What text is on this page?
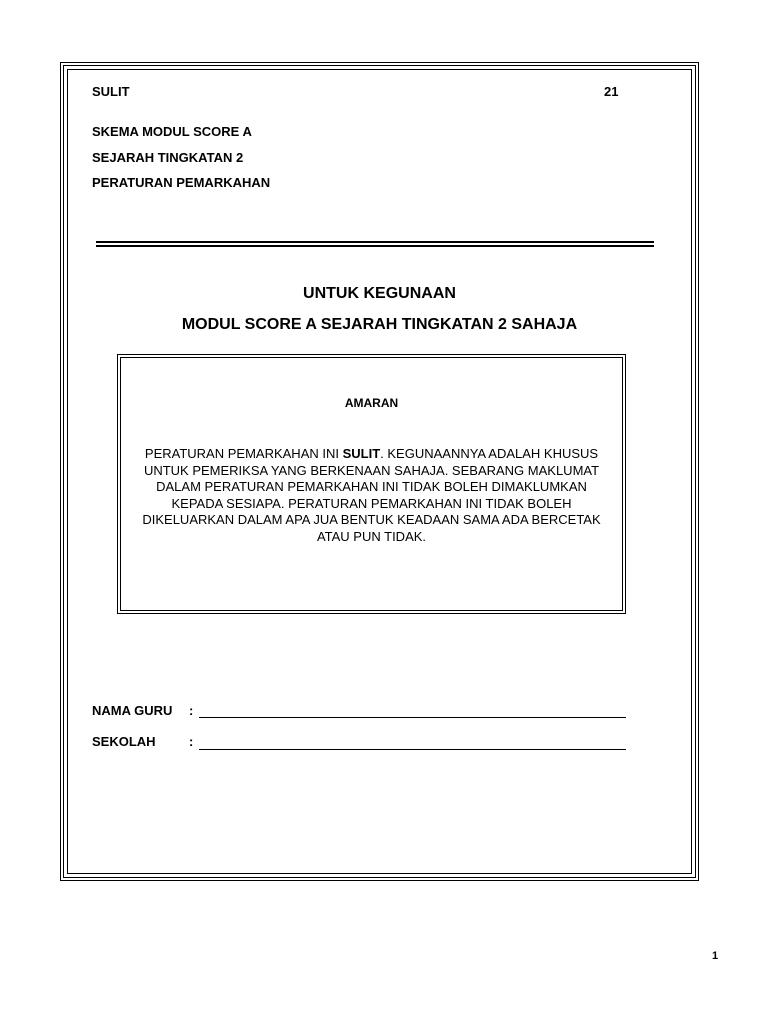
SULIT	21
SKEMA MODUL SCORE A
SEJARAH TINGKATAN 2
PERATURAN PEMARKAHAN
UNTUK KEGUNAAN
MODUL SCORE A SEJARAH TINGKATAN 2 SAHAJA
AMARAN
PERATURAN PEMARKAHAN INI SULIT. KEGUNAANNYA ADALAH KHUSUS UNTUK PEMERIKSA YANG BERKENAAN SAHAJA. SEBARANG MAKLUMAT DALAM PERATURAN PEMARKAHAN INI TIDAK BOLEH DIMAKLUMKAN KEPADA SESIAPA. PERATURAN PEMARKAHAN INI TIDAK BOLEH DIKELUARKAN DALAM APA JUA BENTUK KEADAAN SAMA ADA BERCETAK ATAU PUN TIDAK.
NAMA GURU :
SEKOLAH	:
1
